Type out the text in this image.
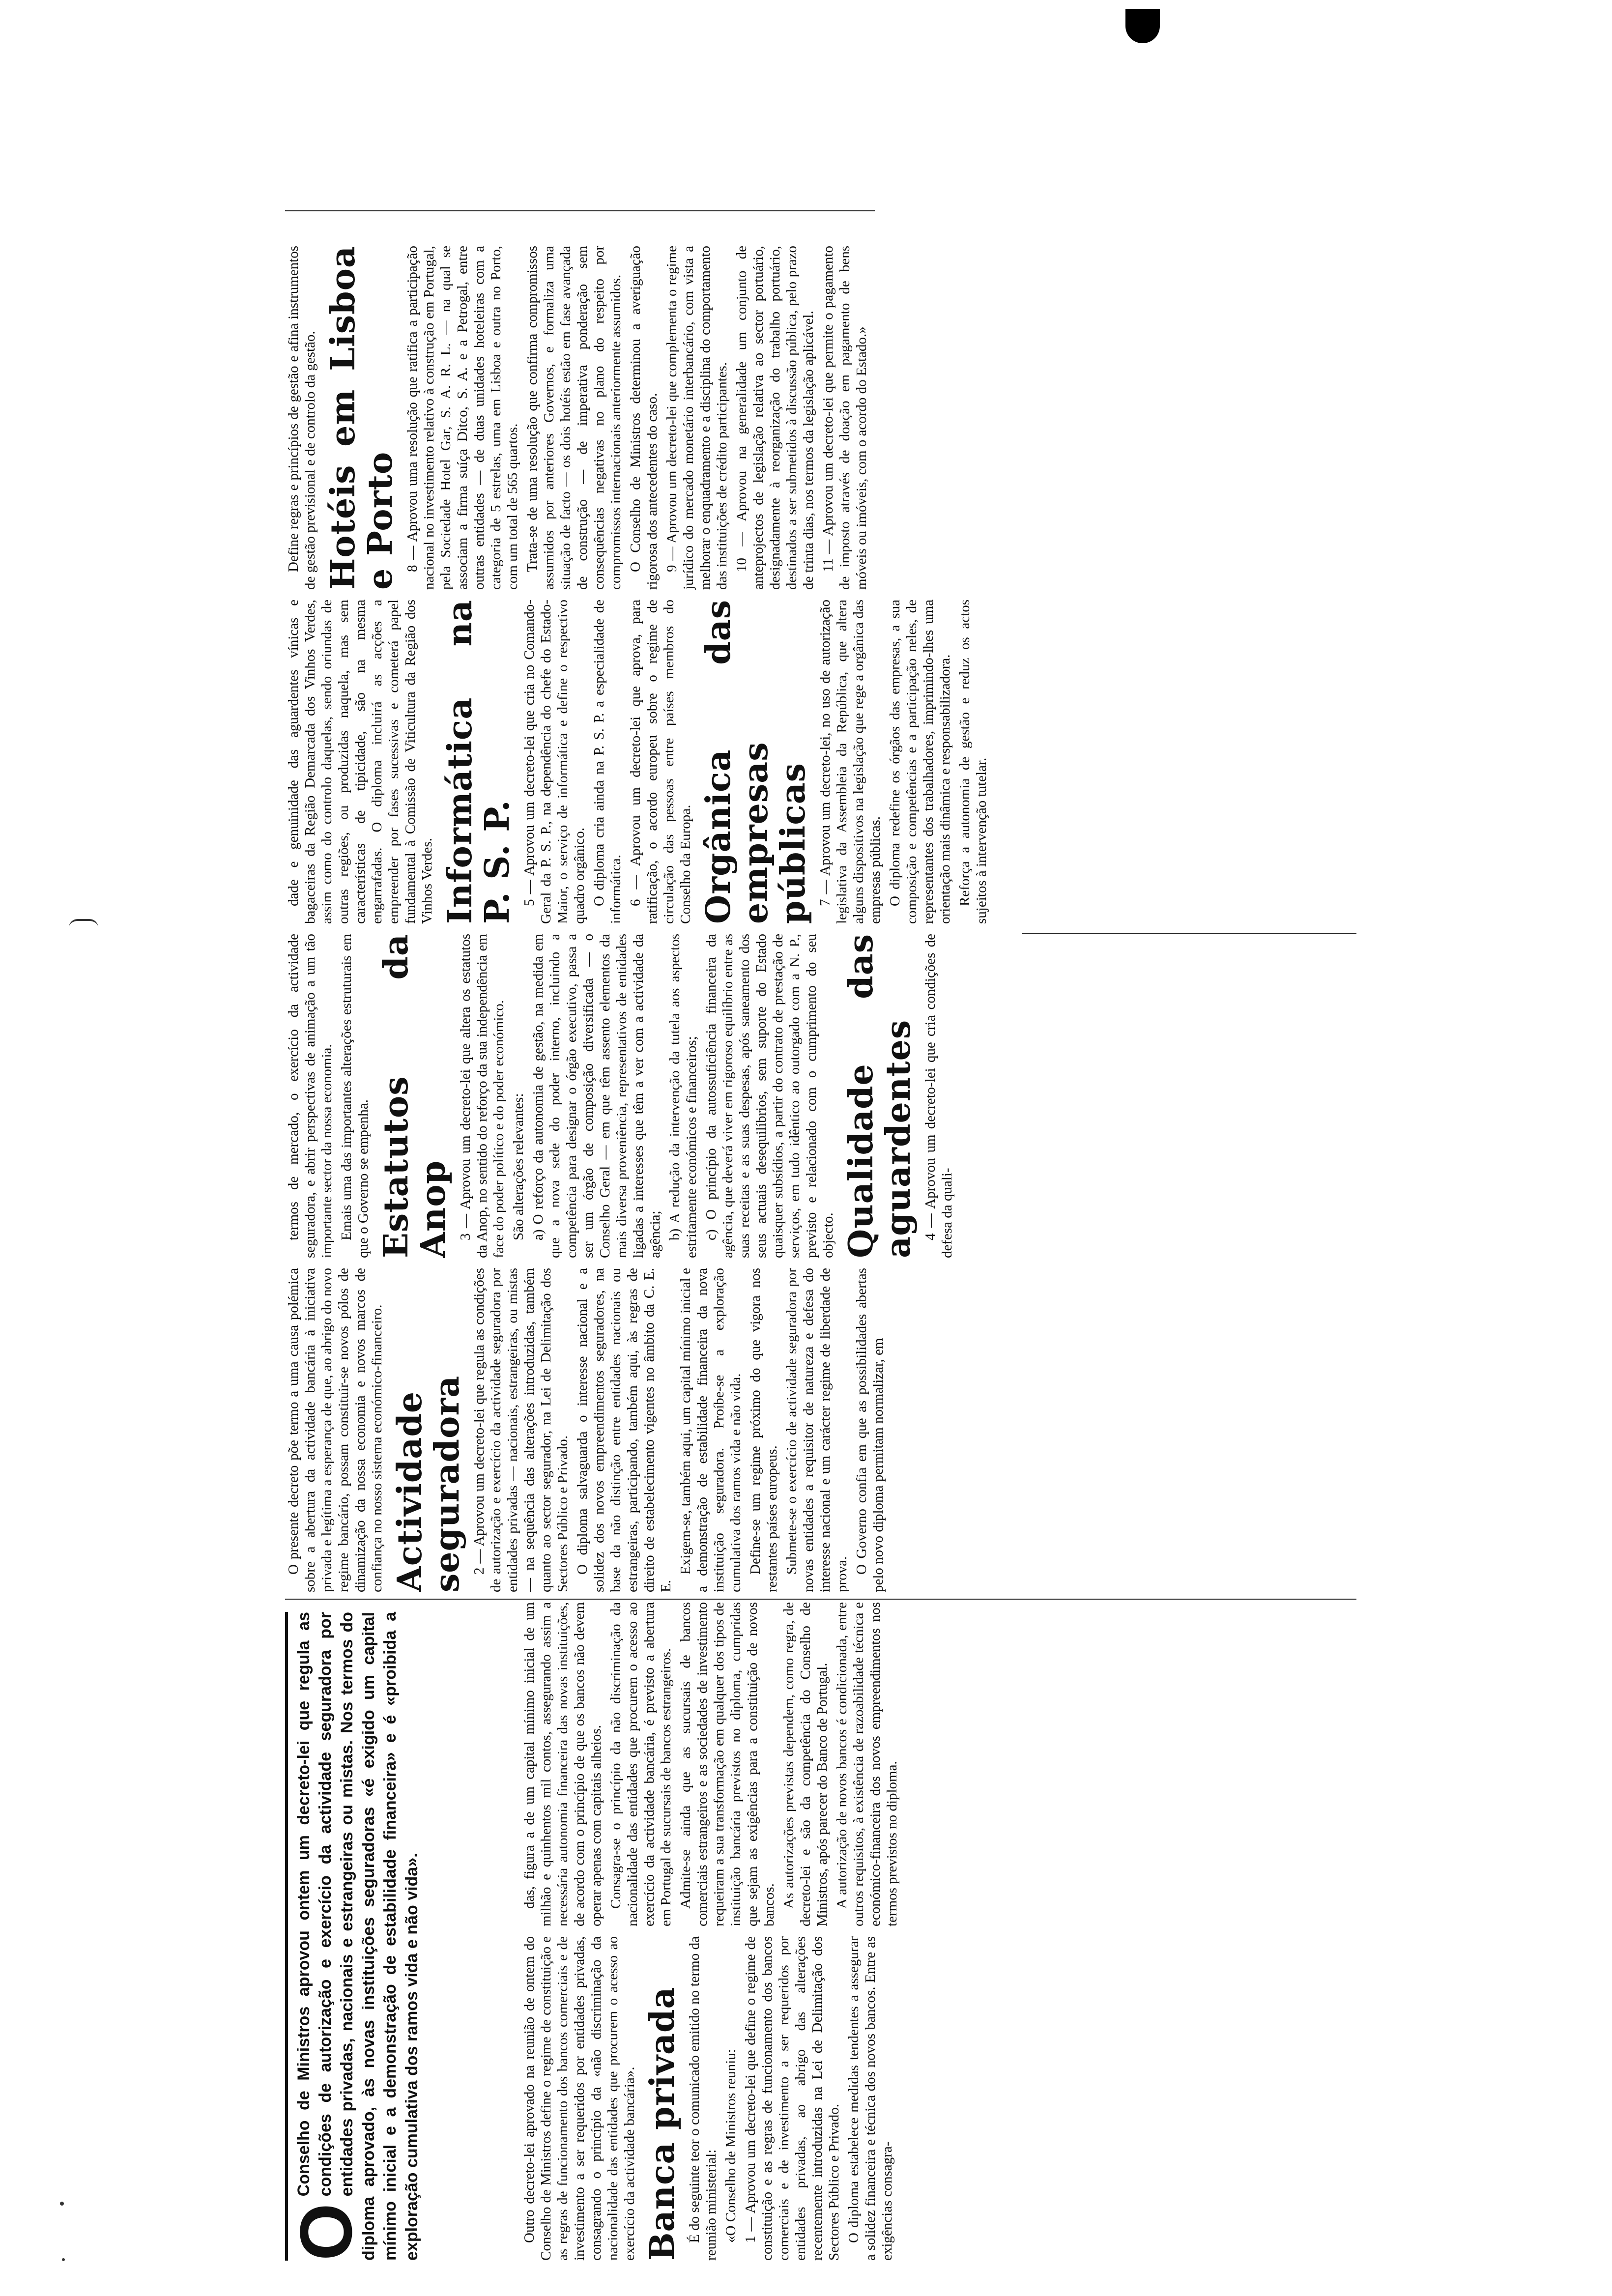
O
Conselho de Ministros aprovou ontem um decreto-lei que regula as condições de autorização e exercício da actividade seguradora por entidades privadas, nacionais e estrangeiras ou mistas. Nos termos do diploma aprovado, às novas instituições seguradoras «é exigido um capital mínimo inicial e a demonstração de estabilidade financeira» e é «proibida a exploração cumulativa dos ramos vida e não vida».	Outro decreto-lei aprovado na reunião de ontem do Conselho de Ministros define o regime de constituição e as regras de funcionamento dos bancos comerciais e de investimento a ser requeridos por entidades privadas, consagrando o princípio da «não discriminação da nacionalidade das entidades que procurem o acesso ao exercício da actividade bancária». Banca privada É do seguinte teor o comunicado emitido no termo da reunião ministerial: «O Conselho de Ministros reuniu: 1 — Aprovou um decreto-lei que define o regime de constituição e as regras de funcionamento dos bancos comerciais e de investimento a ser requeridos por entidades privadas, ao abrigo das alterações recentemente introduzidas na Lei de Delimitação dos Sectores Público e Privado. O diploma estabelece medidas tendentes a assegurar a solidez financeira e técnica dos novos bancos. Entre as exigências consagra-

das, figura a de um capital mínimo inicial de um milhão e quinhentos mil contos, assegurando assim a necessária autonomia financeira das novas instituições, de acordo com o princípio de que os bancos não devem operar apenas com capitais alheios. Consagra-se o princípio da não discriminação da nacionalidade das entidades que procurem o acesso ao exercício da actividade bancária, é previsto a abertura em Portugal de sucursais de bancos estrangeiros. Admite-se ainda que as sucursais de bancos comerciais estrangeiros e as sociedades de investimento requeiram a sua transformação em qualquer dos tipos de instituição bancária previstos no diploma, cumpridas que sejam as exigências para a constituição de novos bancos. As autorizações previstas dependem, como regra, de decreto-lei e são da competência do Conselho de Ministros, após parecer do Banco de Portugal. A autorização de novos bancos é condicionada, entre outros requisitos, à existência de razoabilidade técnica e económico-financeira dos novos empreendimentos nos termos previstos no diploma.

O presente decreto põe termo a uma causa polémica sobre a abertura da actividade bancária à iniciativa privada e legítima a esperança de que, ao abrigo do novo regime bancário, possam constituir-se novos pólos de dinamização da nossa economia e novos marcos de confiança no nosso sistema económico-financeiro. Actividade seguradora 2 — Aprovou um decreto-lei que regula as condições de autorização e exercício da actividade seguradora por entidades privadas — nacionais, estrangeiras, ou mistas — na sequência das alterações introduzidas, também quanto ao sector segurador, na Lei de Delimitação dos Sectores Público e Privado. O diploma salvaguarda o interesse nacional e a solidez dos novos empreendimentos seguradores, na base da não distinção entre entidades nacionais ou estrangeiras, participando, também aqui, às regras de direito de estabelecimento vigentes no âmbito da C. E. E.

Exigem-se, também aqui, um capital mínimo inicial e a demonstração de estabilidade financeira da nova instituição seguradora. Proíbe-se a exploração cumulativa dos ramos vida e não vida. Define-se um regime próximo do que vigora nos restantes países europeus. Submete-se o exercício de actividade seguradora por novas entidades a requisitor de natureza e defesa do interesse nacional e um carácter regime de liberdade de prova. O Governo confia em que as possibilidades abertas pelo novo diploma permitam normalizar, em

termos de mercado, o exercício da actividade seguradora, e abrir perspectivas de animação a um tão importante sector da nossa economia. Emais uma das importantes alterações estruturais em que o Governo se empenha. Estatutos da Anop 3 — Aprovou um decreto-lei que altera os estatutos da Anop, no sentido do reforço da sua independência em face do poder político e do poder económico. São alterações relevantes: a) O reforço da autonomia de gestão, na medida em que a nova sede do poder interno, incluindo a competência para designar o órgão executivo, passa a ser um órgão de composição diversificada — o Conselho Geral — em que têm assento elementos da mais diversa proveniência, representativos de entidades ligadas a interesses que têm a ver com a actividade da agência; b) A redução da intervenção da tutela aos aspectos estritamente económicos e financeiros; c) O princípio da autossuficiência financeira da agência, que deverá viver em rigoroso equilíbrio entre as suas receitas e as suas despesas, após saneamento dos seus actuais desequilíbrios, sem suporte do Estado quaisquer subsídios, a partir do contrato de prestação de serviços, em tudo idêntico ao outorgado com a N. P., previsto e relacionado com o cumprimento do seu objecto. Qualidade das aguardentes 4 — Aprovou um decreto-lei que cria condições de defesa da quali-

dade e genuinidade das aguardentes vínicas e bagaceiras da Região Demarcada dos Vinhos Verdes, assim como do controlo daquelas, sendo oriundas de outras regiões, ou produzidas naquela, mas sem características de tipicidade, são na mesma engarrafadas. O diploma incluirá as acções a empreender por fases sucessivas e cometerá papel fundamental à Comissão de Viticultura da Região dos Vinhos Verdes. Informática na P. S. P. 5 — Aprovou um decreto-lei que cria no Comando-Geral da P. S. P., na dependência do chefe do Estado-Maior, o serviço de informática e define o respectivo quadro orgânico. O diploma cria ainda na P. S. P. a especialidade de informática. 6 — Aprovou um decreto-lei que aprova, para ratificação, o acordo europeu sobre o regime de circulação das pessoas entre países membros do Conselho da Europa. Orgânica das empresas públicas 7 — Aprovou um decreto-lei, no uso de autorização legislativa da Assembleia da República, que altera alguns dispositivos na legislação que rege a orgânica das empresas públicas. O diploma redefine os órgãos das empresas, a sua composição e competências e a participação neles, de representantes dos trabalhadores, imprimindo-lhes uma orientação mais dinâmica e responsabilizadora. Reforça a autonomia de gestão e reduz os actos sujeitos à intervenção tutelar.

Define regras e princípios de gestão e afina instrumentos de gestão previsional e de controlo da gestão. Hotéis em Lisboa e Porto 8 — Aprovou uma resolução que ratifica a participação nacional no investimento relativo à construção em Portugal, pela Sociedade Hotel Gar, S. A. R. L. — na qual se associam a firma suíça Ditco, S. A. e a Petrogal, entre outras entidades — de duas unidades hoteleiras com a categoria de 5 estrelas, uma em Lisboa e outra no Porto, com um total de 565 quartos. Trata-se de uma resolução que confirma compromissos assumidos por anteriores Governos, e formaliza uma situação de facto — os dois hotéis estão em fase avançada de construção — de imperativa ponderação sem consequências negativas no plano do respeito por compromissos internacionais anteriormente assumidos. O Conselho de Ministros determinou a averiguação rigorosa dos antecedentes do caso. 9 — Aprovou um decreto-lei que complementa o regime jurídico do mercado monetário interbancário, com vista a melhorar o enquadramento e a disciplina do comportamento das instituições de crédito participantes. 10 — Aprovou na generalidade um conjunto de anteprojectos de legislação relativa ao sector portuário, designadamente à reorganização do trabalho portuário, destinados a ser submetidos à discussão pública, pelo prazo de trinta dias, nos termos da legislação aplicável. 11 — Aprovou um decreto-lei que permite o pagamento de imposto através de doação em pagamento de bens móveis ou imóveis, com o acordo do Estado.»
